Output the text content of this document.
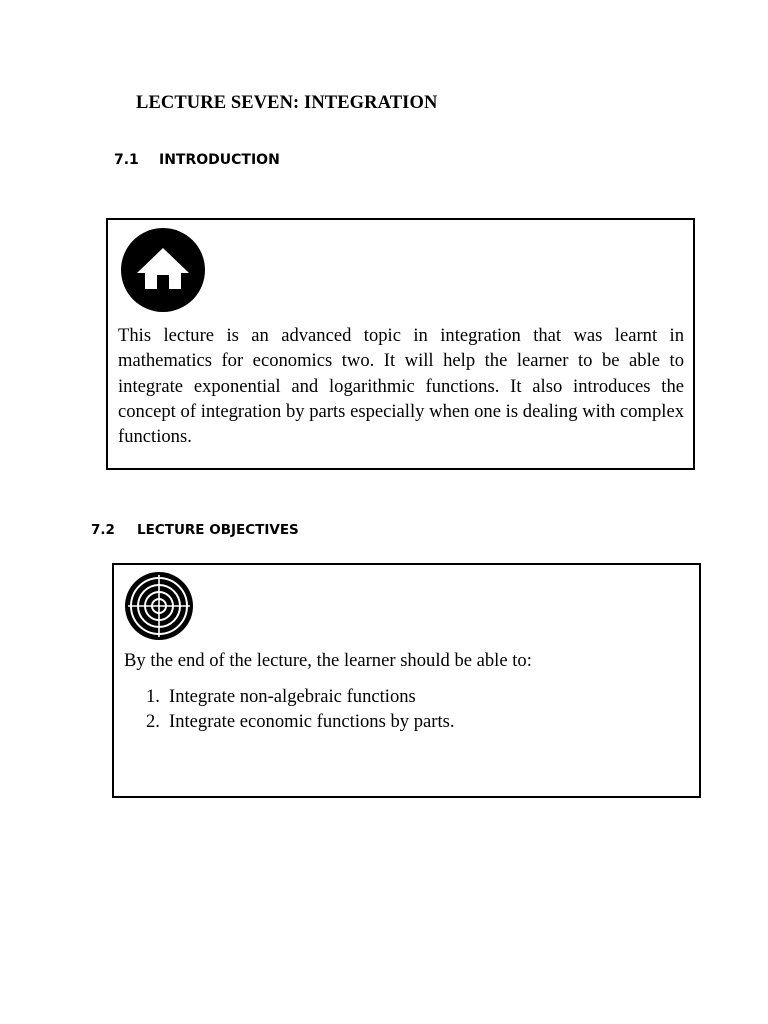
LECTURE SEVEN: INTEGRATION
7.1 INTRODUCTION

This lecture is an advanced topic in integration that was learnt in mathematics for economics two. It will help the learner to be able to integrate exponential and logarithmic functions. It also introduces the concept of integration by parts especially when one is dealing with complex functions.

7.2 LECTURE OBJECTIVES

By the end of the lecture, the learner should be able to:

1. Integrate non-algebraic functions
2. Integrate economic functions by parts.
